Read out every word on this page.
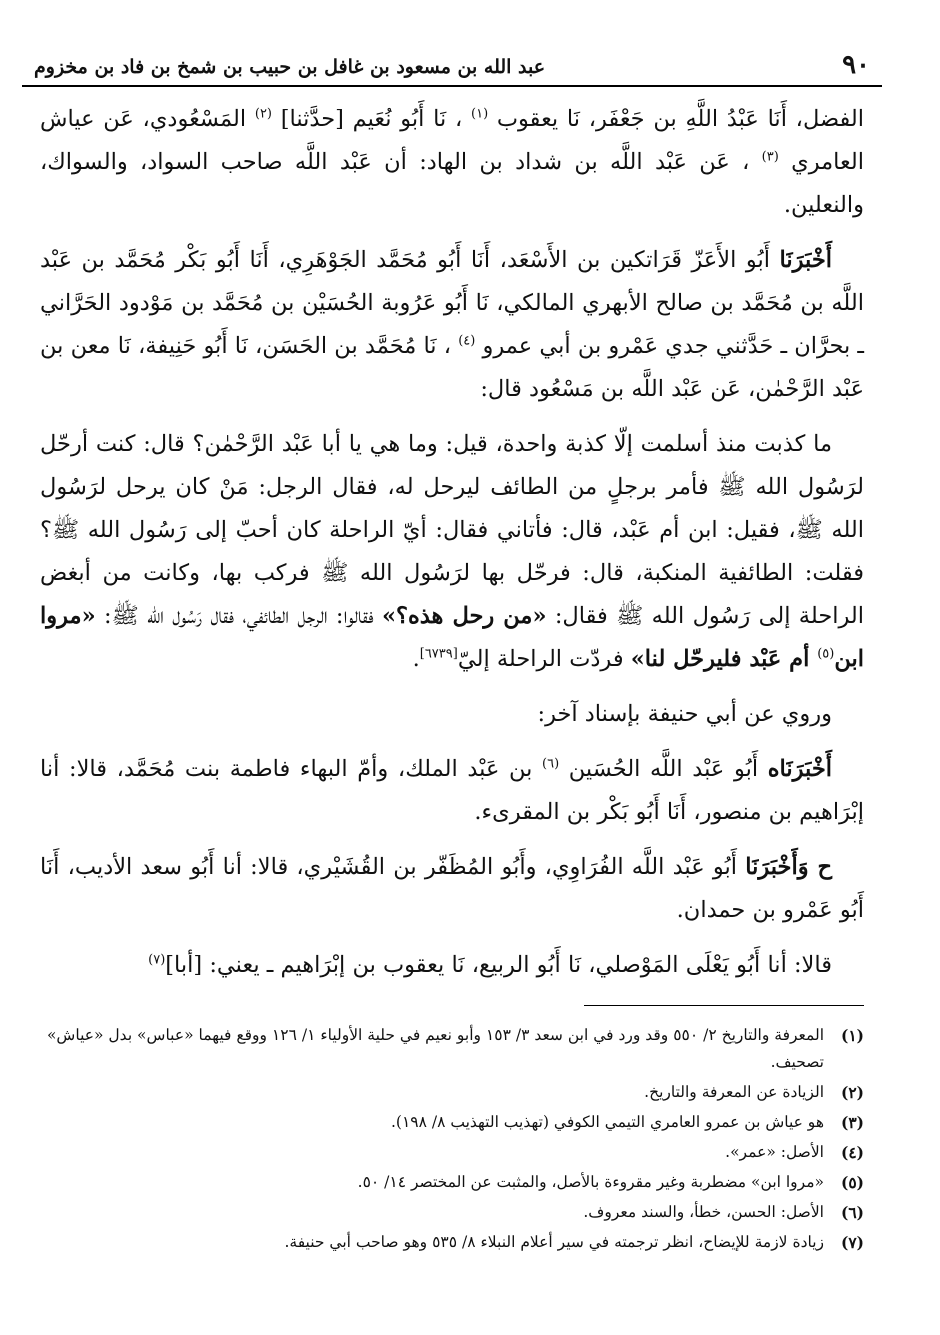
٩٠
عبد الله بن مسعود بن غافل بن حبيب بن شمخ بن فاد بن مخزوم

الفضل، أَنَا عَبْدُ اللَّهِ بن جَعْفَر، نَا يعقوب $^{(١)}$ ، نَا أَبُو نُعَيم [حدَّثنا] $^{(٢)}$ المَسْعُودي، عَن عياش العامري $^{(٣)}$ ، عَن عَبْد اللَّه بن شداد بن الهاد: أن عَبْد اللَّه صاحب السواد، والسواك، والنعلين.

أَخْبَرَنَا أَبُو الأَعَزّ قَرَاتكين بن الأَسْعَد، أَنَا أَبُو مُحَمَّد الجَوْهَرِي، أَنَا أَبُو بَكْر مُحَمَّد بن عَبْد اللَّه بن مُحَمَّد بن صالح الأبهري المالكي، نَا أَبُو عَرُوبة الحُسَيْن بن مُحَمَّد بن مَوْدود الحَرَّاني ـ بحرَّان ـ حَدَّثني جدي عَمْرو بن أبي عمرو $^{(٤)}$ ، نَا مُحَمَّد بن الحَسَن، نَا أَبُو حَنِيفة، نَا معن بن عَبْد الرَّحْمٰن، عَن عَبْد اللَّه بن مَسْعُود قال:

ما كذبت منذ أسلمت إلّا كذبة واحدة، قيل: وما هي يا أبا عَبْد الرَّحْمٰن؟ قال: كنت أرحّل لرَسُول الله ﷺ فأمر برجلٍ من الطائف ليرحل له، فقال الرجل: مَنْ كان يرحل لرَسُول الله ﷺ، فقيل: ابن أم عَبْد، قال: فأتاني فقال: أيّ الراحلة كان أحبّ إلى رَسُول الله ﷺ؟ فقلت: الطائفية المنكبة، قال: فرحّل بها لرَسُول الله ﷺ فركب بها، وكانت من أبغض الراحلة إلى رَسُول الله ﷺ فقال: «من رحل هذه؟» فقالوا: الرجل الطائفي، فقال رَسُول الله ﷺ: «مروا ابن$^{(٥)}$ أم عَبْد فليرحّل لنا» فردّت الراحلة إليّ[٦٧٣٩].

وروي عن أبي حنيفة بإسناد آخر:

أَخْبَرَنَاه أَبُو عَبْد اللَّه الحُسَين $^{(٦)}$ بن عَبْد الملك، وأمّ البهاء فاطمة بنت مُحَمَّد، قالا: أنا إبْرَاهيم بن منصور، أَنَا أَبُو بَكْر بن المقرىء.

ح وَأَخْبَرَنَا أَبُو عَبْد اللَّه الفُرَاوِي، وأَبُو المُظَفّر بن القُشَيْري، قالا: أنا أَبُو سعد الأديب، أَنَا أَبُو عَمْرو بن حمدان.

قالا: أنا أَبُو يَعْلَى المَوْصلي، نَا أَبُو الربيع، نَا يعقوب بن إبْرَاهيم ـ يعني: [أبا]$^{(٧)}$

(١)
المعرفة والتاريخ ٢/ ٥٥٠ وقد ورد في ابن سعد ٣/ ١٥٣ وأبو نعيم في حلية الأولياء ١/ ١٢٦ ووقع فيهما «عباس» بدل «عياش» تصحيف.
(٢)
الزيادة عن المعرفة والتاريخ.
(٣)
هو عياش بن عمرو العامري التيمي الكوفي (تهذيب التهذيب ٨/ ١٩٨).
(٤)
الأصل: «عمر».
(٥)
«مروا ابن» مضطربة وغير مقروءة بالأصل، والمثبت عن المختصر ١٤/ ٥٠.
(٦)
الأصل: الحسن، خطأ، والسند معروف.
(٧)
زيادة لازمة للإيضاح، انظر ترجمته في سير أعلام النبلاء ٨/ ٥٣٥ وهو صاحب أبي حنيفة.
